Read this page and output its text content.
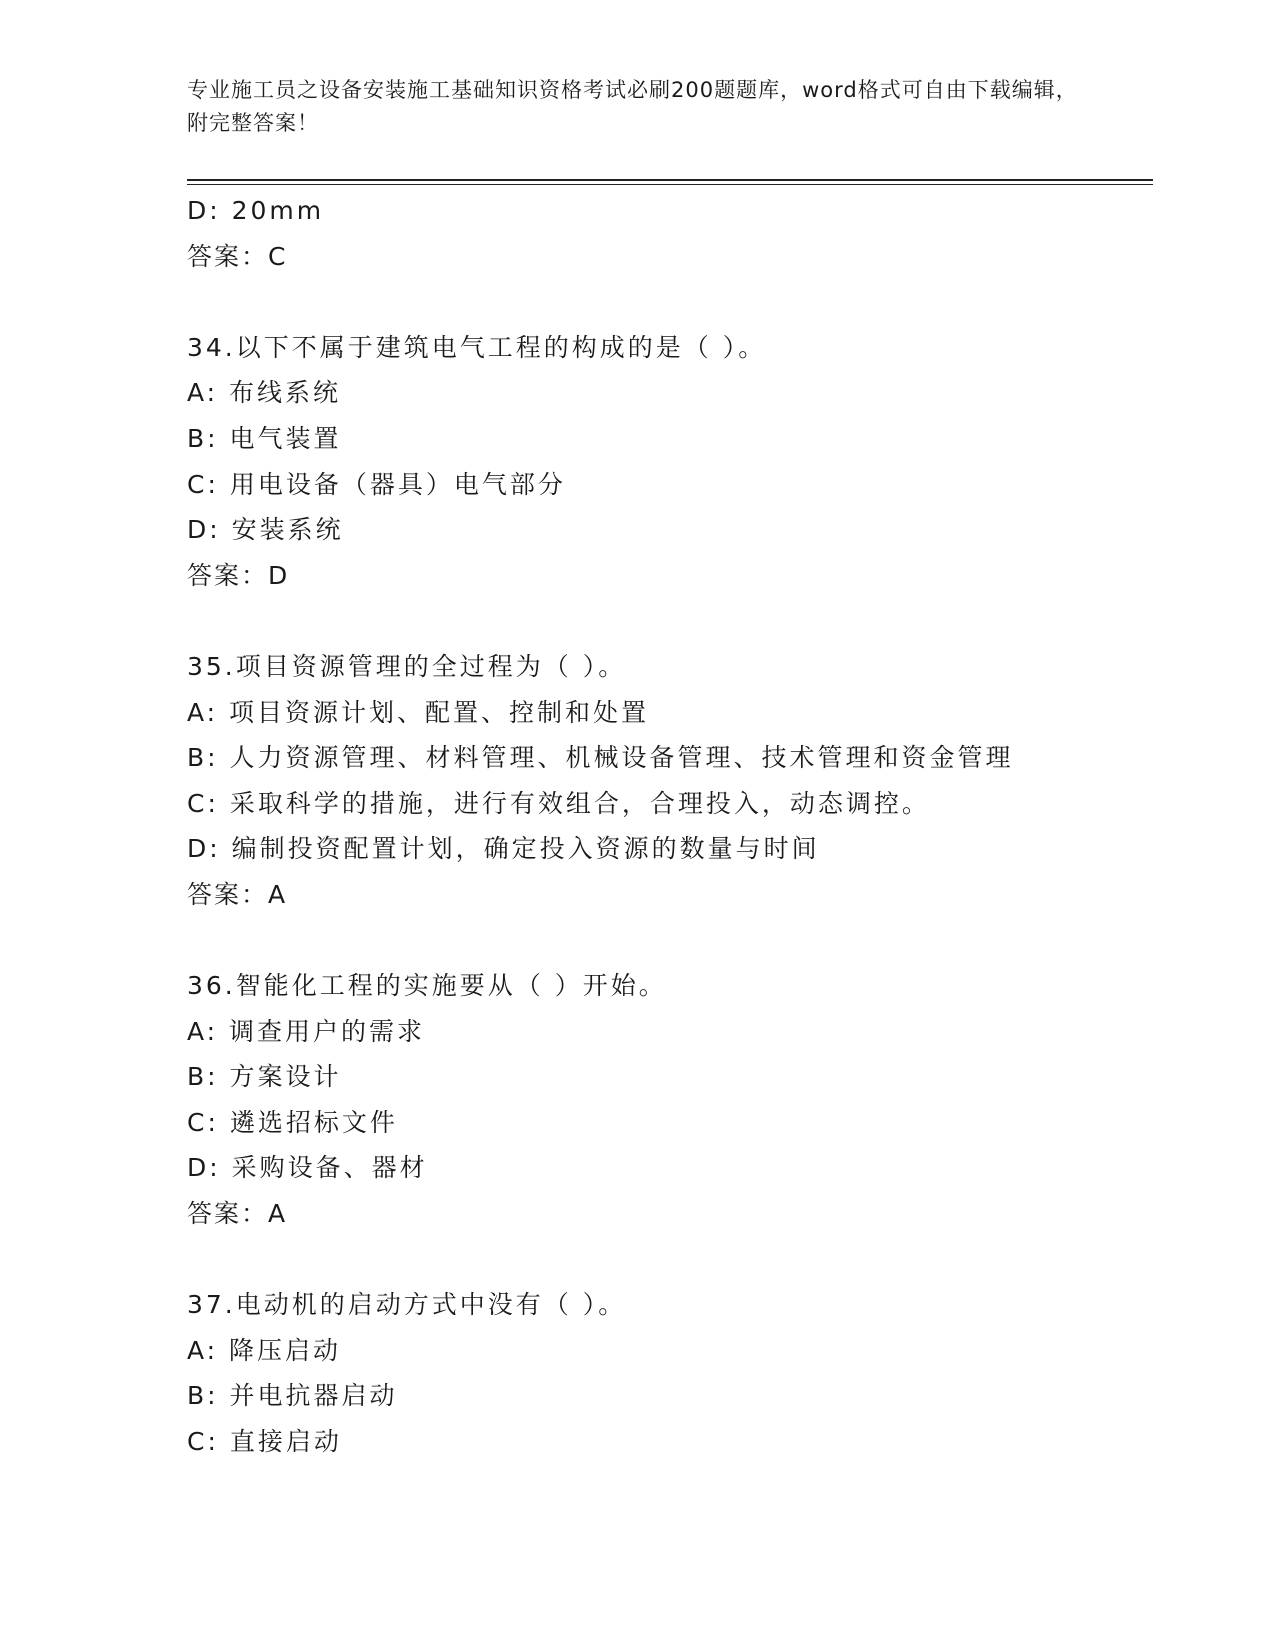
专业施工员之设备安装施工基础知识资格考试必刷200题题库，word格式可自由下载编辑，附完整答案！
D: 20mm
答案：C
34.以下不属于建筑电气工程的构成的是（ ）。
A: 布线系统
B: 电气装置
C: 用电设备（器具）电气部分
D: 安装系统
答案：D
35.项目资源管理的全过程为（ ）。
A: 项目资源计划、配置、控制和处置
B: 人力资源管理、材料管理、机械设备管理、技术管理和资金管理
C: 采取科学的措施，进行有效组合，合理投入，动态调控。
D: 编制投资配置计划，确定投入资源的数量与时间
答案：A
36.智能化工程的实施要从（ ）开始。
A: 调查用户的需求
B: 方案设计
C: 遴选招标文件
D: 采购设备、器材
答案：A
37.电动机的启动方式中没有（ ）。
A: 降压启动
B: 并电抗器启动
C: 直接启动
